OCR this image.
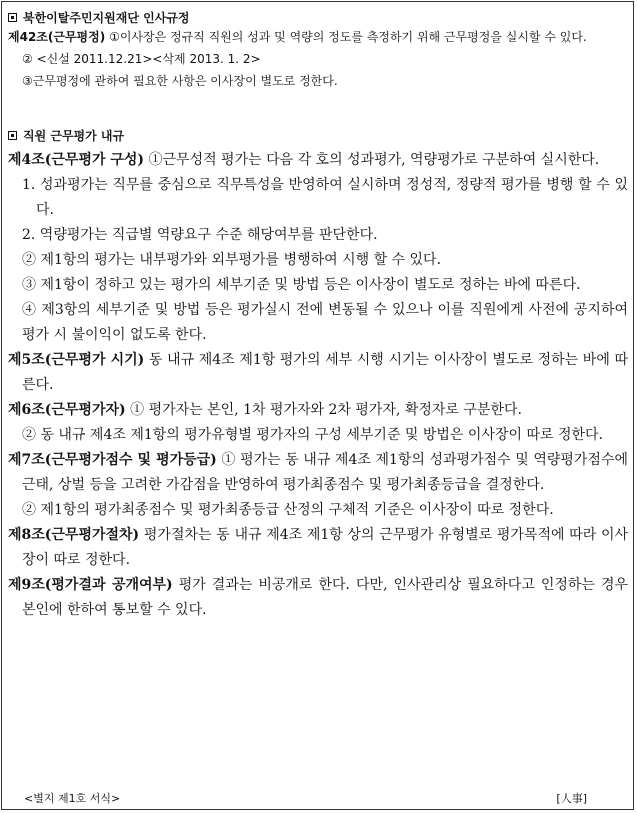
북한이탈주민지원재단 인사규정
제42조(근무평정) ①이사장은 정규직 직원의 성과 및 역량의 정도를 측정하기 위해 근무평정을 실시할 수 있다.
② <신설 2011.12.21><삭제 2013. 1. 2>
③근무평정에 관하여 필요한 사항은 이사장이 별도로 정한다.
직원 근무평가 내규
제4조(근무평가 구성) ①근무성적 평가는 다음 각 호의 성과평가, 역량평가로 구분하여 실시한다.
1. 성과평가는 직무를 중심으로 직무특성을 반영하여 실시하며 정성적, 정량적 평가를 병행 할 수 있다.
2. 역량평가는 직급별 역량요구 수준 해당여부를 판단한다.
② 제1항의 평가는 내부평가와 외부평가를 병행하여 시행 할 수 있다.
③ 제1항이 정하고 있는 평가의 세부기준 및 방법 등은 이사장이 별도로 정하는 바에 따른다.
④ 제3항의 세부기준 및 방법 등은 평가실시 전에 변동될 수 있으나 이를 직원에게 사전에 공지하여 평가 시 불이익이 없도록 한다.
제5조(근무평가 시기) 동 내규 제4조 제1항 평가의 세부 시행 시기는 이사장이 별도로 정하는 바에 따른다.
제6조(근무평가자) ① 평가자는 본인, 1차 평가자와 2차 평가자, 확정자로 구분한다.
② 동 내규 제4조 제1항의 평가유형별 평가자의 구성 세부기준 및 방법은 이사장이 따로 정한다.
제7조(근무평가점수 및 평가등급) ① 평가는 동 내규 제4조 제1항의 성과평가점수 및 역량평가점수에 근태, 상벌 등을 고려한 가감점을 반영하여 평가최종점수 및 평가최종등급을 결정한다.
② 제1항의 평가최종점수 및 평가최종등급 산정의 구체적 기준은 이사장이 따로 정한다.
제8조(근무평가절차) 평가절차는 동 내규 제4조 제1항 상의 근무평가 유형별로 평가목적에 따라 이사장이 따로 정한다.
제9조(평가결과 공개여부) 평가 결과는 비공개로 한다. 다만, 인사관리상 필요하다고 인정하는 경우 본인에 한하여 통보할 수 있다.
<별지 제1호 서식>	[人事]
